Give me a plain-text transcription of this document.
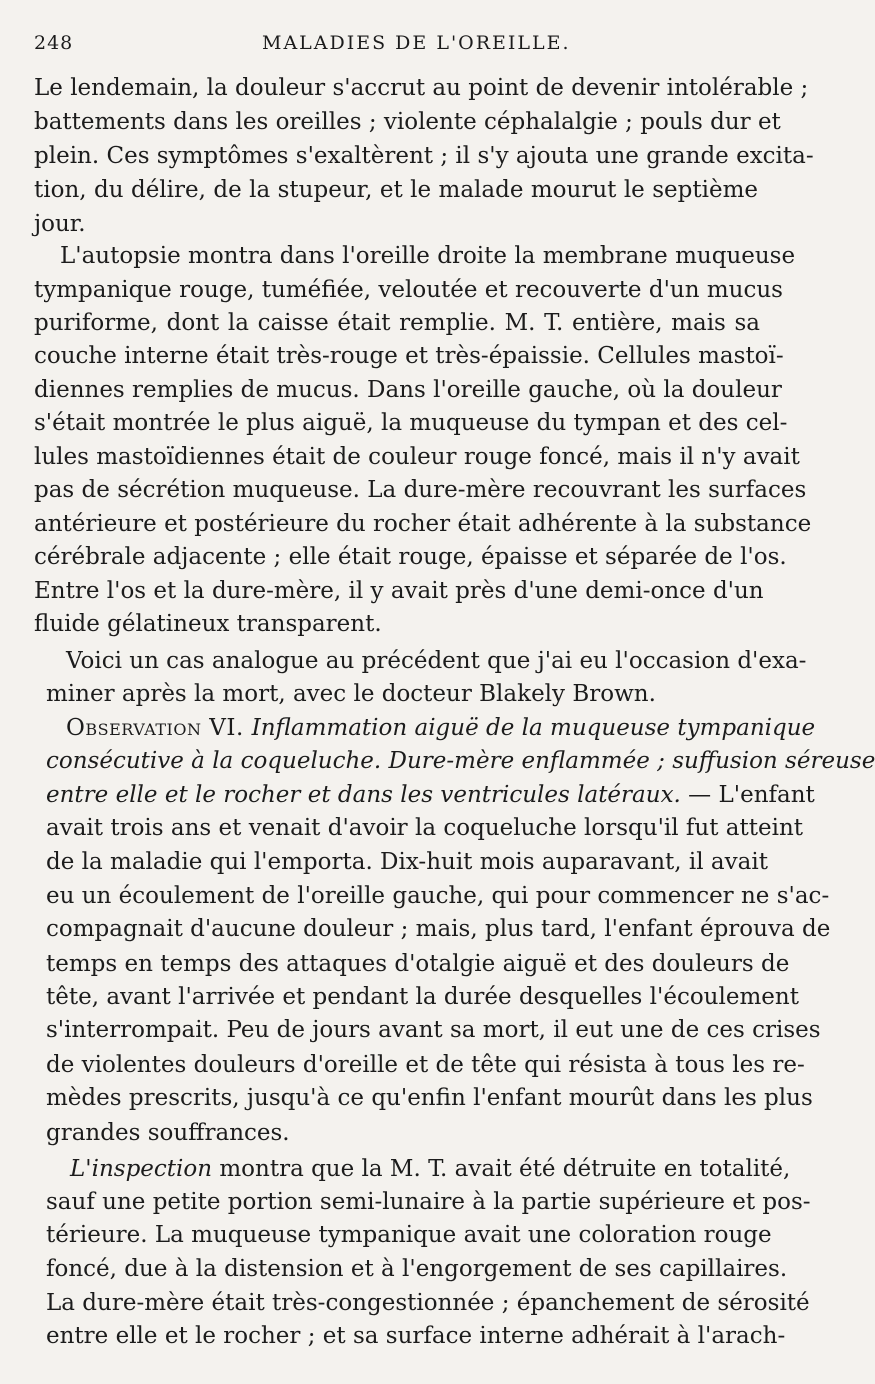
248	MALADIES DE L'OREILLE.
Le lendemain, la douleur s'accrut au point de devenir intolérable ;
battements dans les oreilles ; violente céphalalgie ; pouls dur et
plein. Ces symptômes s'exaltèrent ; il s'y ajouta une grande excita-
tion, du délire, de la stupeur, et le malade mourut le septième
jour.
L'autopsie montra dans l'oreille droite la membrane muqueuse
tympanique rouge, tuméfiée, veloutée et recouverte d'un mucus
puriforme, dont la caisse était remplie. M. T. entière, mais sa
couche interne était très-rouge et très-épaissie. Cellules mastoï-
diennes remplies de mucus. Dans l'oreille gauche, où la douleur
s'était montrée le plus aiguë, la muqueuse du tympan et des cel-
lules mastoïdiennes était de couleur rouge foncé, mais il n'y avait
pas de sécrétion muqueuse. La dure-mère recouvrant les surfaces
antérieure et postérieure du rocher était adhérente à la substance
cérébrale adjacente ; elle était rouge, épaisse et séparée de l'os.
Entre l'os et la dure-mère, il y avait près d'une demi-once d'un
fluide gélatineux transparent.
Voici un cas analogue au précédent que j'ai eu l'occasion d'exa-
miner après la mort, avec le docteur Blakely Brown.
Observation VI. Inflammation aiguë de la muqueuse tympanique
consécutive à la coqueluche. Dure-mère enflammée ; suffusion séreuse
entre elle et le rocher et dans les ventricules latéraux. — L'enfant
avait trois ans et venait d'avoir la coqueluche lorsqu'il fut atteint
de la maladie qui l'emporta. Dix-huit mois auparavant, il avait
eu un écoulement de l'oreille gauche, qui pour commencer ne s'ac-
compagnait d'aucune douleur ; mais, plus tard, l'enfant éprouva de
temps en temps des attaques d'otalgie aiguë et des douleurs de
tête, avant l'arrivée et pendant la durée desquelles l'écoulement
s'interrompait. Peu de jours avant sa mort, il eut une de ces crises
de violentes douleurs d'oreille et de tête qui résista à tous les re-
mèdes prescrits, jusqu'à ce qu'enfin l'enfant mourût dans les plus
grandes souffrances.
L'inspection montra que la M. T. avait été détruite en totalité,
sauf une petite portion semi-lunaire à la partie supérieure et pos-
térieure. La muqueuse tympanique avait une coloration rouge
foncé, due à la distension et à l'engorgement de ses capillaires.
La dure-mère était très-congestionnée ; épanchement de sérosité
entre elle et le rocher ; et sa surface interne adhérait à l'arach-
